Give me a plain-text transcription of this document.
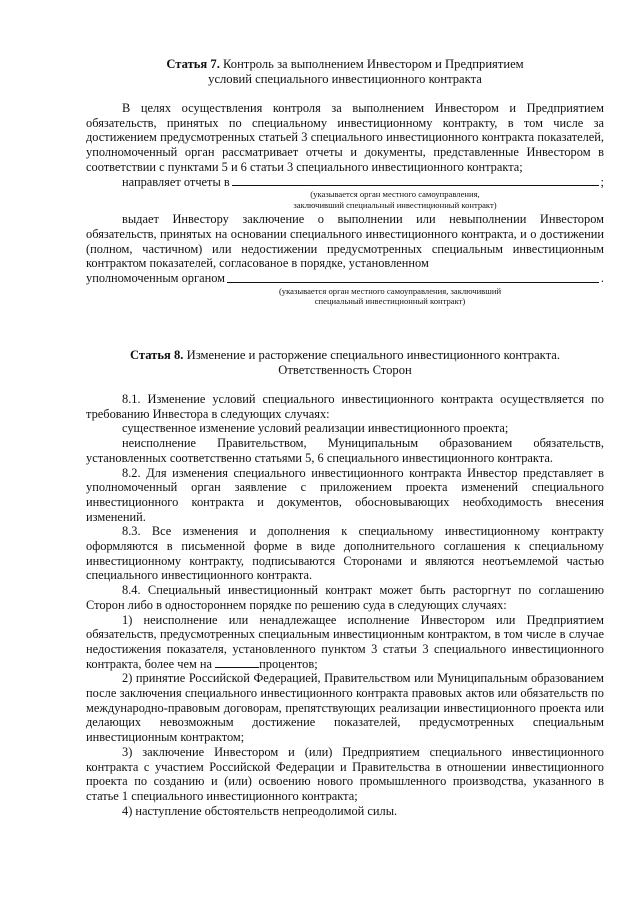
Статья 7. Контроль за выполнением Инвестором и Предприятием
условий специального инвестиционного контракта

В целях осуществления контроля за выполнением Инвестором и Предприятием обязательств, принятых по специальному инвестиционному контракту, в том числе за достижением предусмотренных статьей 3 специального инвестиционного контракта показателей, уполномоченный орган рассматривает отчеты и документы, представленные Инвестором в соответствии с пунктами 5 и 6 статьи 3 специального инвестиционного контракта;

направляет отчеты в	;
(указывается орган местного самоуправления,
заключивший специальный инвестиционный контракт)

выдает Инвестору заключение о выполнении или невыполнении Инвестором обязательств, принятых на основании специального инвестиционного контракта, и о достижении (полном, частичном) или недостижении предусмотренных специальным инвестиционным контрактом показателей, согласованое в порядке, установленном

уполномоченным органом	.
(указывается орган местного самоуправления, заключивший
специальный инвестиционный контракт)
Статья 8. Изменение и расторжение специального инвестиционного контракта.
Ответственность Сторон

8.1. Изменение условий специального инвестиционного контракта осуществляется по требованию Инвестора в следующих случаях:

существенное изменение условий реализации инвестиционного проекта;

неисполнение Правительством, Муниципальным образованием обязательств, установленных соответственно статьями 5, 6 специального инвестиционного контракта.

8.2. Для изменения специального инвестиционного контракта Инвестор представляет в уполномоченный орган заявление с приложением проекта изменений специального инвестиционного контракта и документов, обосновывающих необходимость внесения изменений.

8.3. Все изменения и дополнения к специальному инвестиционному контракту оформляются в письменной форме в виде дополнительного соглашения к специальному инвестиционному контракту, подписываются Сторонами и являются неотъемлемой частью специального инвестиционного контракта.

8.4. Специальный инвестиционный контракт может быть расторгнут по соглашению Сторон либо в одностороннем порядке по решению суда в следующих случаях:

1) неисполнение или ненадлежащее исполнение Инвестором или Предприятием обязательств, предусмотренных специальным инвестиционным контрактом, в том числе в случае недостижения показателя, установленного пунктом 3 статьи 3 специального инвестиционного контракта, более чем на	процентов;

2) принятие Российской Федерацией, Правительством или Муниципальным образованием после заключения специального инвестиционного контракта правовых актов или обязательств по международно-правовым договорам, препятствующих реализации инвестиционного проекта или делающих невозможным достижение показателей, предусмотренных специальным инвестиционным контрактом;

3) заключение Инвестором и (или) Предприятием специального инвестиционного контракта с участием Российской Федерации и Правительства в отношении инвестиционного проекта по созданию и (или) освоению нового промышленного производства, указанного в статье 1 специального инвестиционного контракта;

4) наступление обстоятельств непреодолимой силы.
